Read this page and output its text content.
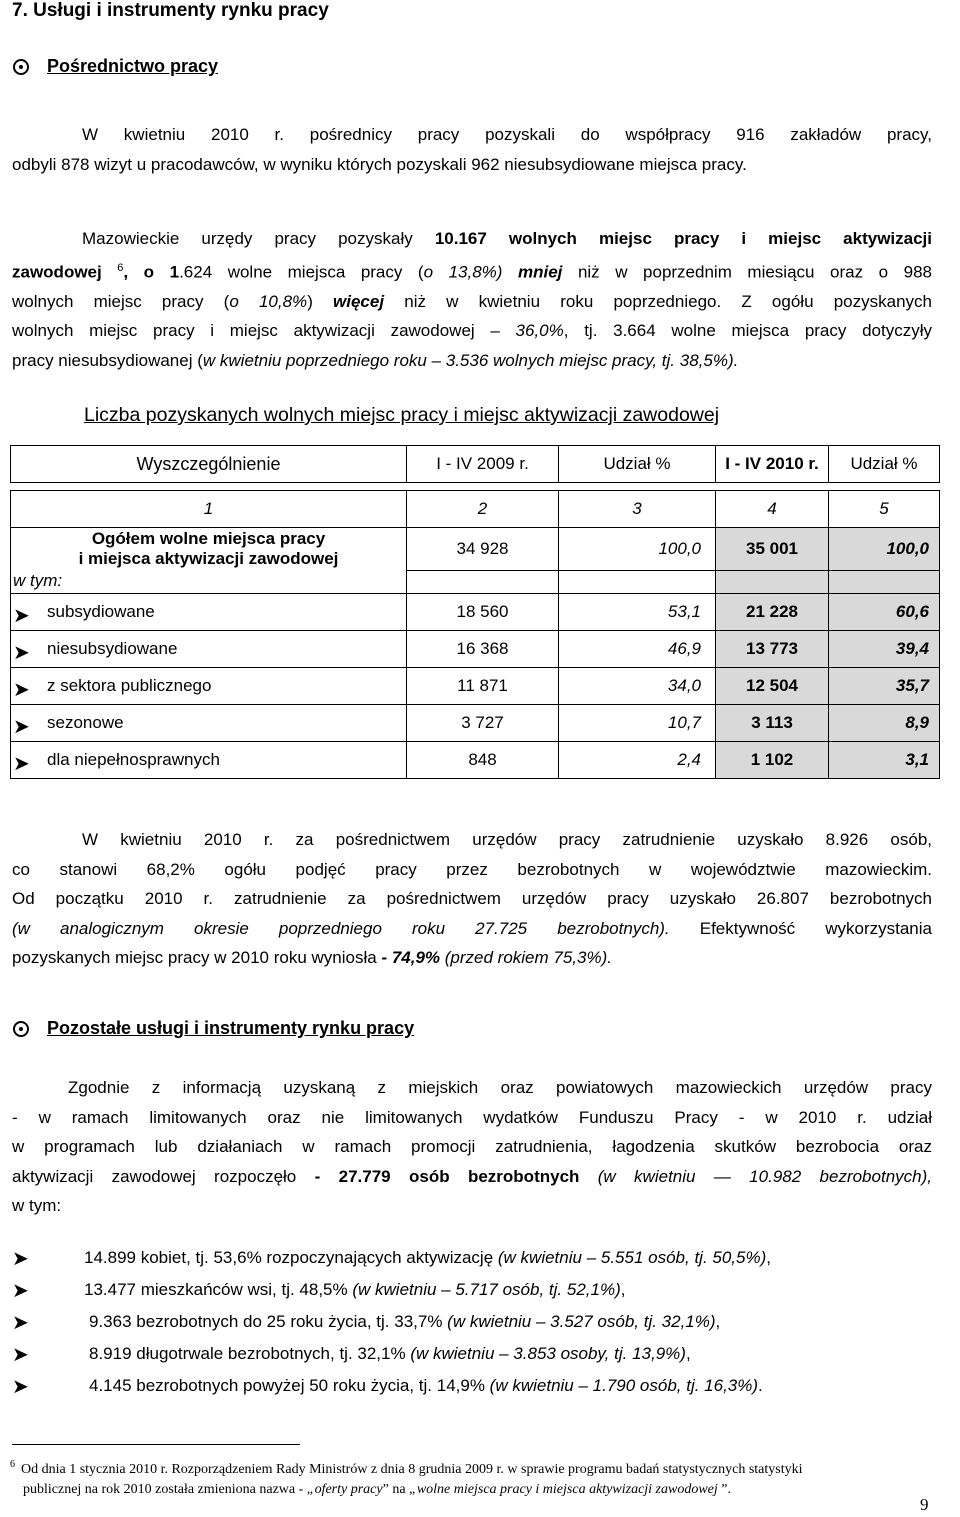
7. Usługi i instrumenty rynku pracy
Pośrednictwo pracy
W kwietniu 2010 r. pośrednicy pracy pozyskali do współpracy 916 zakładów pracy,
odbyli 878 wizyt u pracodawców, w wyniku których pozyskali 962 niesubsydiowane miejsca pracy.
Mazowieckie urzędy pracy pozyskały 10.167 wolnych miejsc pracy i miejsc aktywizacji
zawodowej $^6$, o 1.624 wolne miejsca pracy (o 13,8%) mniej niż w poprzednim miesiącu oraz o 988
wolnych miejsc pracy (o 10,8%) więcej niż w kwietniu roku poprzedniego. Z ogółu pozyskanych
wolnych miejsc pracy i miejsc aktywizacji zawodowej – 36,0%, tj. 3.664 wolne miejsca pracy dotyczyły
pracy niesubsydiowanej (w kwietniu poprzedniego roku – 3.536 wolnych miejsc pracy, tj. 38,5%).
Liczba pozyskanych wolnych miejsc pracy i miejsc aktywizacji zawodowej
Wyszczególnienie	I - IV 2009 r.	Udział %	I - IV 2010 r.	Udział %

1	2	3	4	5

Ogółem wolne miejsca pracy
i miejsca aktywizacji zawodowej	34 928	100,0	35 001	100,0
w tym:				

➤ subsydiowane	18 560	53,1	21 228	60,6

➤ niesubsydiowane	16 368	46,9	13 773	39,4

➤ z sektora publicznego	11 871	34,0	12 504	35,7

➤ sezonowe	3 727	10,7	3 113	8,9

➤ dla niepełnosprawnych	848	2,4	1 102	3,1
W kwietniu 2010 r. za pośrednictwem urzędów pracy zatrudnienie uzyskało 8.926 osób,
co stanowi 68,2% ogółu podjęć pracy przez bezrobotnych w województwie mazowieckim.
Od początku 2010 r. zatrudnienie za pośrednictwem urzędów pracy uzyskało 26.807 bezrobotnych
(w analogicznym okresie poprzedniego roku 27.725 bezrobotnych). Efektywność wykorzystania
pozyskanych miejsc pracy w 2010 roku wyniosła - 74,9% (przed rokiem 75,3%).
Pozostałe usługi i instrumenty rynku pracy
Zgodnie z informacją uzyskaną z miejskich oraz powiatowych mazowieckich urzędów pracy
- w ramach limitowanych oraz nie limitowanych wydatków Funduszu Pracy - w 2010 r. udział
w programach lub działaniach w ramach promocji zatrudnienia, łagodzenia skutków bezrobocia oraz
aktywizacji zawodowej rozpoczęło - 27.779 osób bezrobotnych (w kwietniu — 10.982 bezrobotnych),
w tym:
➤	14.899 kobiet, tj. 53,6% rozpoczynających aktywizację (w kwietniu – 5.551 osób, tj. 50,5%),
➤	13.477 mieszkańców wsi, tj. 48,5% (w kwietniu – 5.717 osób, tj. 52,1%),
➤	9.363 bezrobotnych do 25 roku życia, tj. 33,7% (w kwietniu – 3.527 osób, tj. 32,1%),
➤	8.919 długotrwale bezrobotnych, tj. 32,1% (w kwietniu – 3.853 osoby, tj. 13,9%),
➤	4.145 bezrobotnych powyżej 50 roku życia, tj. 14,9% (w kwietniu – 1.790 osób, tj. 16,3%).
$^6$ Od dnia 1 stycznia 2010 r. Rozporządzeniem Rady Ministrów z dnia 8 grudnia 2009 r. w sprawie programu badań statystycznych statystyki
publicznej na rok 2010 została zmieniona nazwa - „oferty pracy” na „wolne miejsca pracy i miejsca aktywizacji zawodowej ”.
9
